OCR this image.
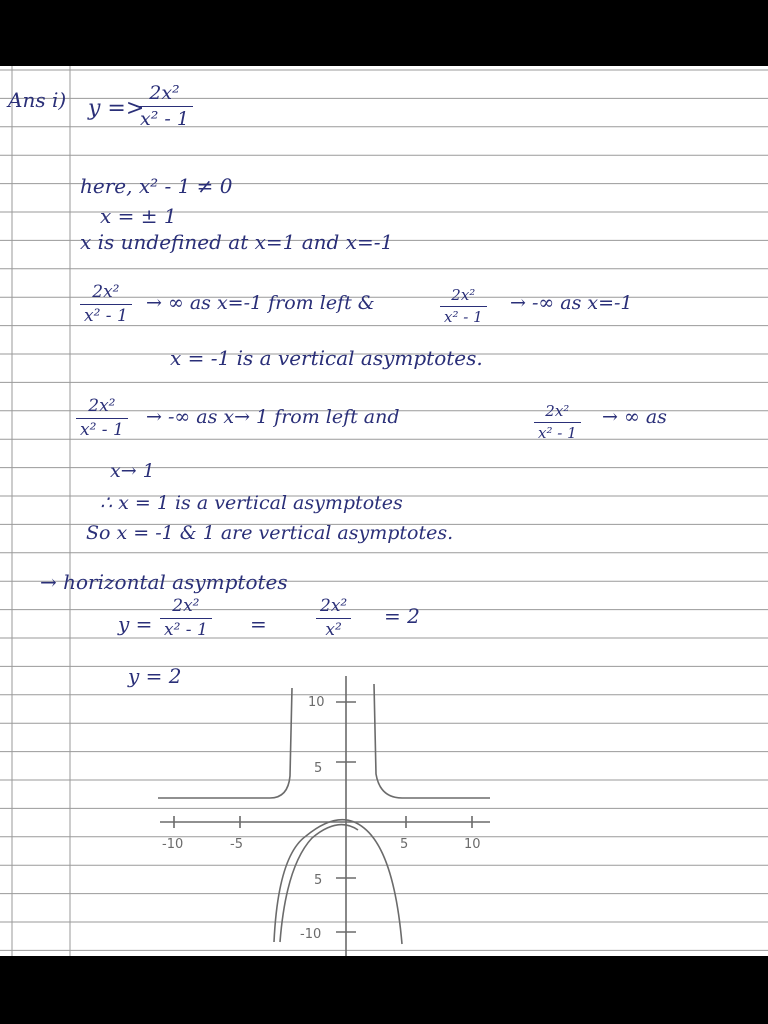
Ans i) y =>
$\frac{\text{2x²}}{\text{x² - 1}}$
here, x² - 1 ≠ 0
x = ± 1
x is undefined at x=1 and x=-1
$\frac{\text{2x²}}{\text{x² - 1}}$ → ∞ as x=-1 from left &	$\frac{\text{2x²}}{\text{x² - 1}}$ → -∞ as x=-1
x = -1 is a vertical asymptotes.
$\frac{\text{2x²}}{\text{x² - 1}}$ → -∞ as x→ 1 from left and	$\frac{\text{2x²}}{\text{x² - 1}}$ → ∞ as
x→ 1
∴ x = 1 is a vertical asymptotes
So x = -1 & 1 are vertical asymptotes.
→ horizontal asymptotes
$y = \frac{\text{2x²}}{\text{x² - 1}}$ =	$\frac{\text{2x²}}{\text{x²}} = 2$
y = 2
-10	-5	5	10
10
5
5
-10
